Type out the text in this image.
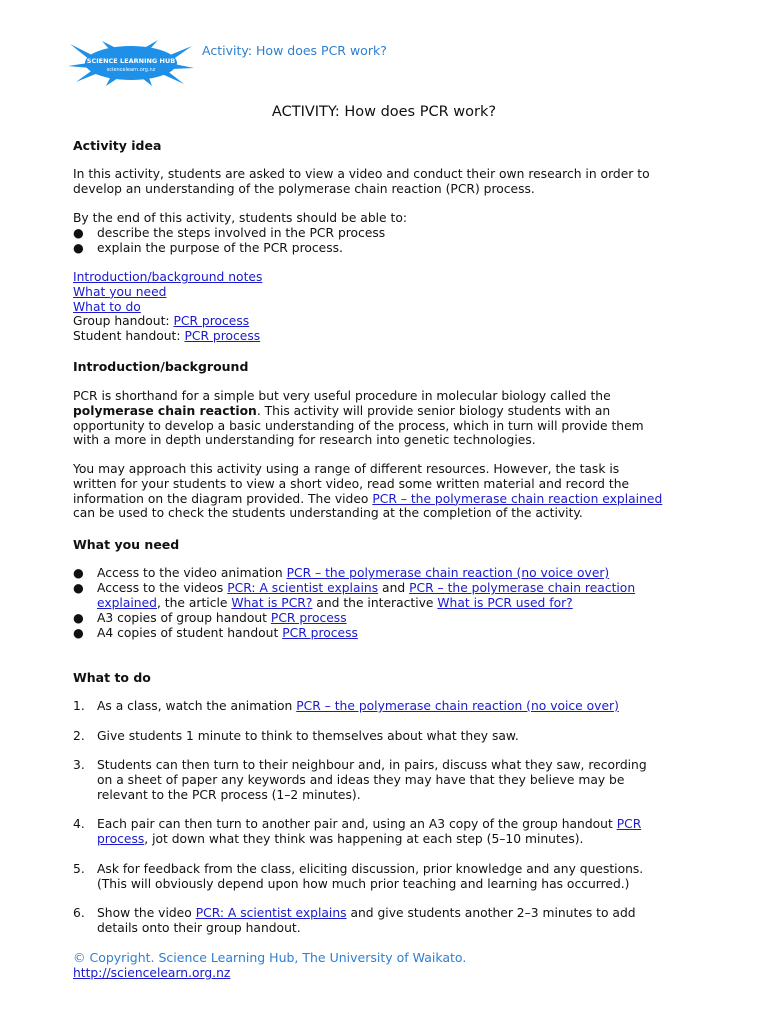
SCIENCE LEARNING HUB
sciencelearn.org.nz
Activity: How does PCR work?
ACTIVITY: How does PCR work?
Activity idea
In this activity, students are asked to view a video and conduct their own research in order to
develop an understanding of the polymerase chain reaction (PCR) process.
By the end of this activity, students should be able to:
● describe the steps involved in the PCR process
● explain the purpose of the PCR process.
Introduction/background notes
What you need
What to do
Group handout: PCR process
Student handout: PCR process
Introduction/background
PCR is shorthand for a simple but very useful procedure in molecular biology called the
polymerase chain reaction. This activity will provide senior biology students with an
opportunity to develop a basic understanding of the process, which in turn will provide them
with a more in depth understanding for research into genetic technologies.
You may approach this activity using a range of different resources. However, the task is
written for your students to view a short video, read some written material and record the
information on the diagram provided. The video PCR – the polymerase chain reaction explained
can be used to check the students understanding at the completion of the activity.
What you need
● Access to the video animation PCR – the polymerase chain reaction (no voice over)
● Access to the videos PCR: A scientist explains and PCR – the polymerase chain reaction
explained, the article What is PCR? and the interactive What is PCR used for?
● A3 copies of group handout PCR process
● A4 copies of student handout PCR process
What to do
1. As a class, watch the animation PCR – the polymerase chain reaction (no voice over)
2. Give students 1 minute to think to themselves about what they saw.
3. Students can then turn to their neighbour and, in pairs, discuss what they saw, recording
on a sheet of paper any keywords and ideas they may have that they believe may be
relevant to the PCR process (1–2 minutes).
4. Each pair can then turn to another pair and, using an A3 copy of the group handout PCR
process, jot down what they think was happening at each step (5–10 minutes).
5. Ask for feedback from the class, eliciting discussion, prior knowledge and any questions.
(This will obviously depend upon how much prior teaching and learning has occurred.)
6. Show the video PCR: A scientist explains and give students another 2–3 minutes to add
details onto their group handout.
© Copyright. Science Learning Hub, The University of Waikato.
http://sciencelearn.org.nz
